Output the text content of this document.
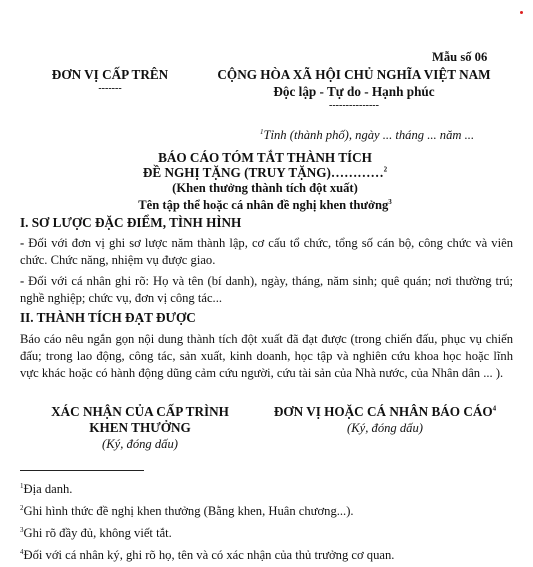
Mẫu số 06
ĐƠN VỊ CẤP TRÊN
-------
CỘNG HÒA XÃ HỘI CHỦ NGHĨA VIỆT NAM
Độc lập - Tự do - Hạnh phúc
---------------
$^1$Tỉnh (thành phố), ngày ... tháng ... năm ...
BÁO CÁO TÓM TẮT THÀNH TÍCH
ĐỀ NGHỊ TẶNG (TRUY TẶNG)…………$^2$
(Khen thưởng thành tích đột xuất)
Tên tập thể hoặc cá nhân đề nghị khen thưởng$^3$
I. SƠ LƯỢC ĐẶC ĐIỂM, TÌNH HÌNH
- Đối với đơn vị ghi sơ lược năm thành lập, cơ cấu tổ chức, tổng số cán bộ, công chức và viên chức. Chức năng, nhiệm vụ được giao.
- Đối với cá nhân ghi rõ: Họ và tên (bí danh), ngày, tháng, năm sinh; quê quán; nơi thường trú; nghề nghiệp; chức vụ, đơn vị công tác...
II. THÀNH TÍCH ĐẠT ĐƯỢC
Báo cáo nêu ngắn gọn nội dung thành tích đột xuất đã đạt được (trong chiến đấu, phục vụ chiến đấu; trong lao động, công tác, sản xuất, kinh doanh, học tập và nghiên cứu khoa học hoặc lĩnh vực khác hoặc có hành động dũng cảm cứu người, cứu tài sản của Nhà nước, của Nhân dân ... ).
XÁC NHẬN CỦA CẤP TRÌNH KHEN THƯỞNG
(Ký, đóng dấu)
ĐƠN VỊ HOẶC CÁ NHÂN BÁO CÁO$^4$
(Ký, đóng dấu)
$^1$Địa danh.
$^2$Ghi hình thức đề nghị khen thưởng (Bằng khen, Huân chương...).
$^3$Ghi rõ đầy đủ, không viết tắt.
$^4$Đối với cá nhân ký, ghi rõ họ, tên và có xác nhận của thủ trưởng cơ quan.
